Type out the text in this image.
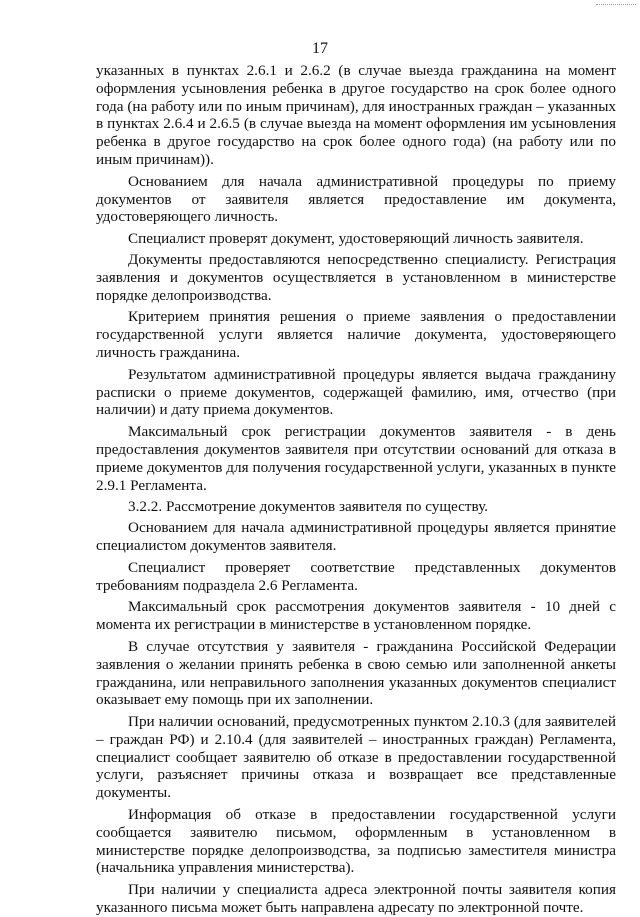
17

указанных в пунктах 2.6.1 и 2.6.2 (в случае выезда гражданина на момент оформления усыновления ребенка в другое государство на срок более одного года (на работу или по иным причинам), для иностранных граждан – указанных в пунктах 2.6.4 и 2.6.5 (в случае выезда на момент оформления им усыновления ребенка в другое государство на срок более одного года) (на работу или по иным причинам)).

Основанием для начала административной процедуры по приему документов от заявителя является предоставление им документа, удостоверяющего личность.

Специалист проверят документ, удостоверяющий личность заявителя.

Документы предоставляются непосредственно специалисту. Регистрация заявления и документов осуществляется в установленном в министерстве порядке делопроизводства.

Критерием принятия решения о приеме заявления о предоставлении государственной услуги является наличие документа, удостоверяющего личность гражданина.

Результатом административной процедуры является выдача гражданину расписки о приеме документов, содержащей фамилию, имя, отчество (при наличии) и дату приема документов.

Максимальный срок регистрации документов заявителя - в день предоставления документов заявителя при отсутствии оснований для отказа в приеме документов для получения государственной услуги, указанных в пункте 2.9.1 Регламента.

3.2.2. Рассмотрение документов заявителя по существу.

Основанием для начала административной процедуры является принятие специалистом документов заявителя.

Специалист проверяет соответствие представленных документов требованиям подраздела 2.6 Регламента.

Максимальный срок рассмотрения документов заявителя - 10 дней с момента их регистрации в министерстве в установленном порядке.

В случае отсутствия у заявителя - гражданина Российской Федерации заявления о желании принять ребенка в свою семью или заполненной анкеты гражданина, или неправильного заполнения указанных документов специалист оказывает ему помощь при их заполнении.

При наличии оснований, предусмотренных пунктом 2.10.3 (для заявителей – граждан РФ) и 2.10.4 (для заявителей – иностранных граждан) Регламента, специалист сообщает заявителю об отказе в предоставлении государственной услуги, разъясняет причины отказа и возвращает все представленные документы.

Информация об отказе в предоставлении государственной услуги сообщается заявителю письмом, оформленным в установленном в министерстве порядке делопроизводства, за подписью заместителя министра (начальника управления министерства).

При наличии у специалиста адреса электронной почты заявителя копия указанного письма может быть направлена адресату по электронной почте.
